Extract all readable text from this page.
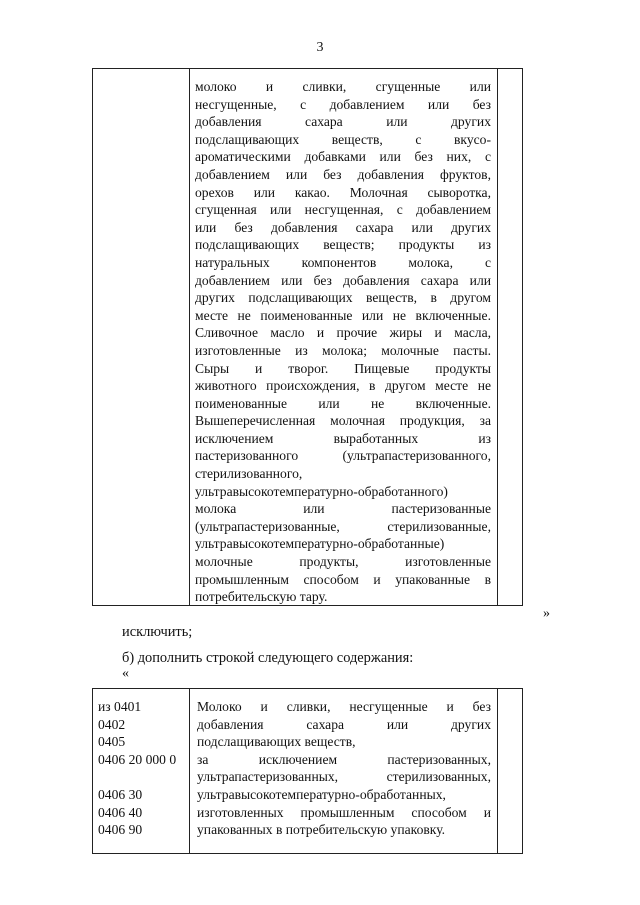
3
молоко и сливки, сгущенные или
несгущенные, с добавлением или без
добавления сахара или других
подслащивающих веществ, с вкусо-
ароматическими добавками или без них, с
добавлением или без добавления фруктов,
орехов или какао. Молочная сыворотка,
сгущенная или несгущенная, с добавлением
или без добавления сахара или других
подслащивающих веществ; продукты из
натуральных компонентов молока, с
добавлением или без добавления сахара или
других подслащивающих веществ, в другом
месте не поименованные или не включенные.
Сливочное масло и прочие жиры и масла,
изготовленные из молока; молочные пасты.
Сыры и творог. Пищевые продукты
животного происхождения, в другом месте не
поименованные или не включенные.
Вышеперечисленная молочная продукция, за
исключением выработанных из
пастеризованного (ультрапастеризованного,
стерилизованного,
ультравысокотемпературно-обработанного)
молока или пастеризованные
(ультрапастеризованные, стерилизованные,
ультравысокотемпературно-обработанные)
молочные продукты, изготовленные
промышленным способом и упакованные в
потребительскую тару.
»
исключить;
б) дополнить строкой следующего содержания:
«
из 0401
0402
0405
0406 20 000 0
0406 30
0406 40
0406 90
Молоко и сливки, несгущенные и без
добавления сахара или других
подслащивающих веществ,
за исключением пастеризованных,
ультрапастеризованных, стерилизованных,
ультравысокотемпературно-обработанных,
изготовленных промышленным способом и
упакованных в потребительскую упаковку.
